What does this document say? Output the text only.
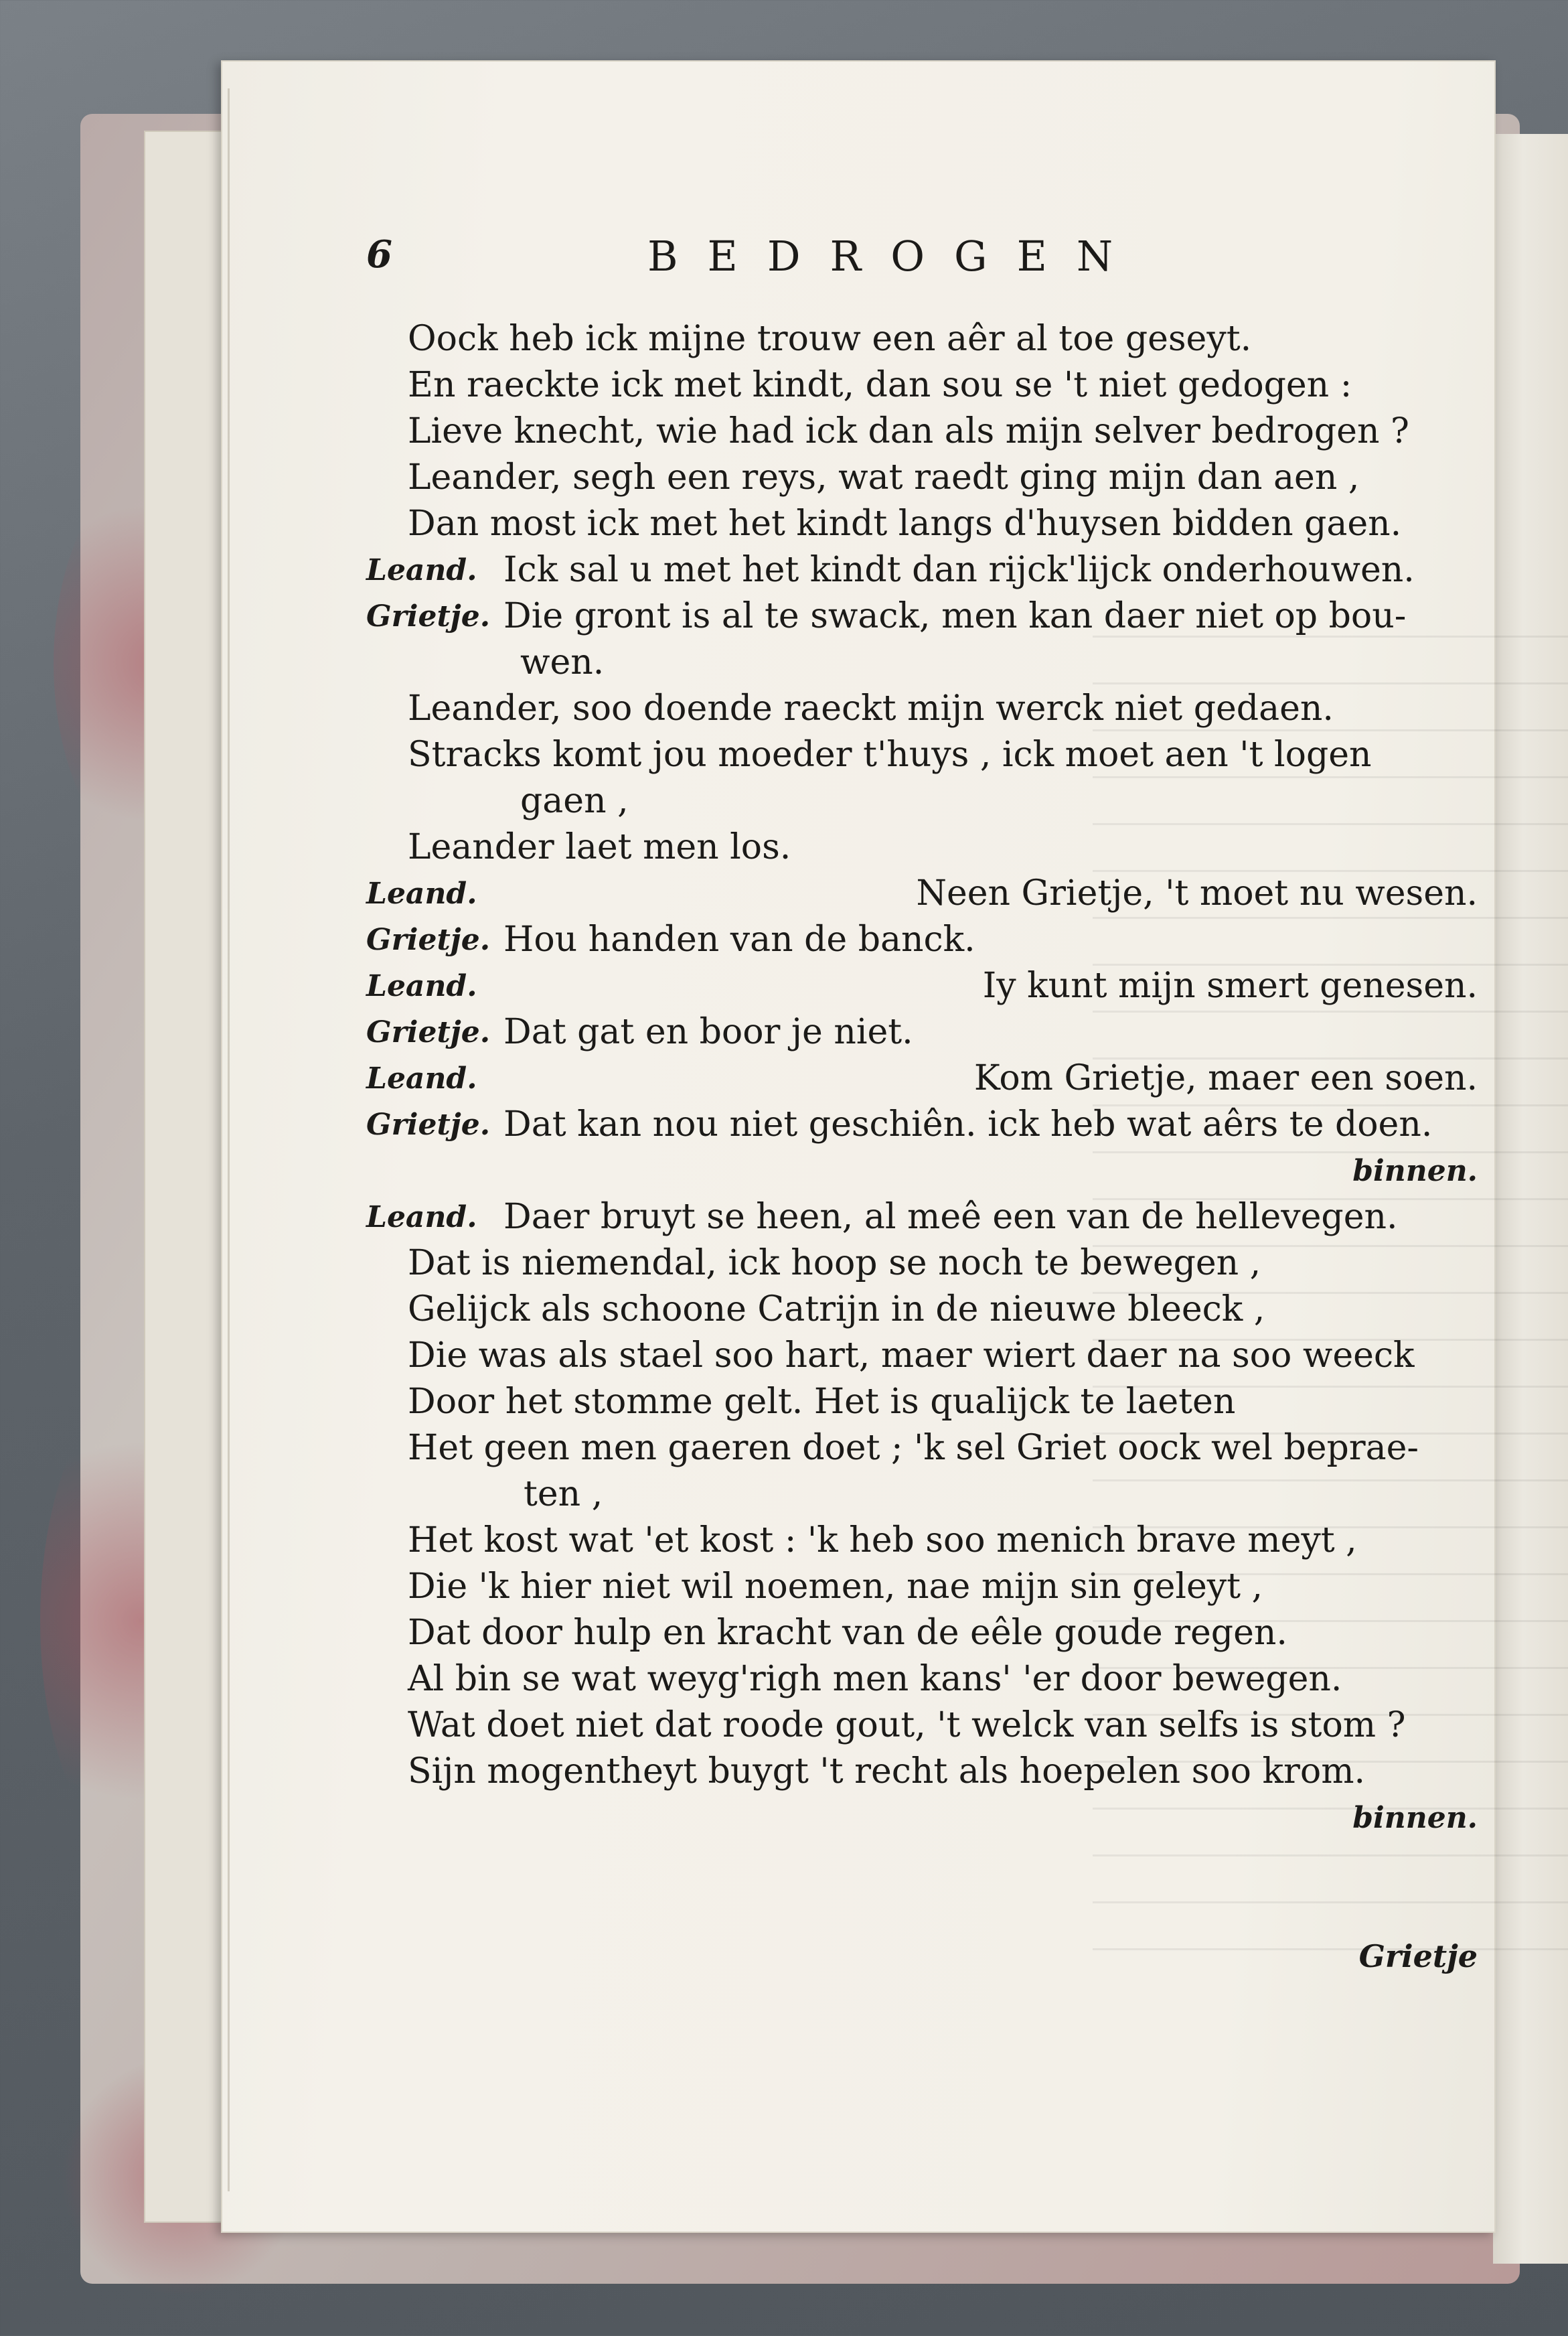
6	BEDROGEN
Oock heb ick mijne trouw een aêr al toe geseyt.
En raeckte ick met kindt, dan sou se 't niet gedogen :
Lieve knecht, wie had ick dan als mijn selver bedrogen ?
Leander, segh een reys, wat raedt ging mijn dan aen ,
Dan most ick met het kindt langs d'huysen bidden gaen.
Leand. Ick sal u met het kindt dan rijck'lijck onderhouwen.
Grietje. Die gront is al te swack, men kan daer niet op bou-
wen.
Leander, soo doende raeckt mijn werck niet gedaen.
Stracks komt jou moeder t'huys , ick moet aen 't logen
gaen ,
Leander laet men los.
Leand.	Neen Grietje, 't moet nu wesen.
Grietje. Hou handen van de banck.
Leand.	Iy kunt mijn smert genesen.
Grietje. Dat gat en boor je niet.
Leand.	Kom Grietje, maer een soen.
Grietje. Dat kan nou niet geschiên. ick heb wat aêrs te doen.
binnen.
Leand. Daer bruyt se heen, al meê een van de hellevegen.
Dat is niemendal, ick hoop se noch te bewegen ,
Gelijck als schoone Catrijn in de nieuwe bleeck ,
Die was als stael soo hart, maer wiert daer na soo weeck
Door het stomme gelt. Het is qualijck te laeten
Het geen men gaeren doet ; 'k sel Griet oock wel beprae-
ten ,
Het kost wat 'et kost : 'k heb soo menich brave meyt ,
Die 'k hier niet wil noemen, nae mijn sin geleyt ,
Dat door hulp en kracht van de eêle goude regen.
Al bin se wat weyg'righ men kans' 'er door bewegen.
Wat doet niet dat roode gout, 't welck van selfs is stom ?
Sijn mogentheyt buygt 't recht als hoepelen soo krom.
binnen.
Grietje
